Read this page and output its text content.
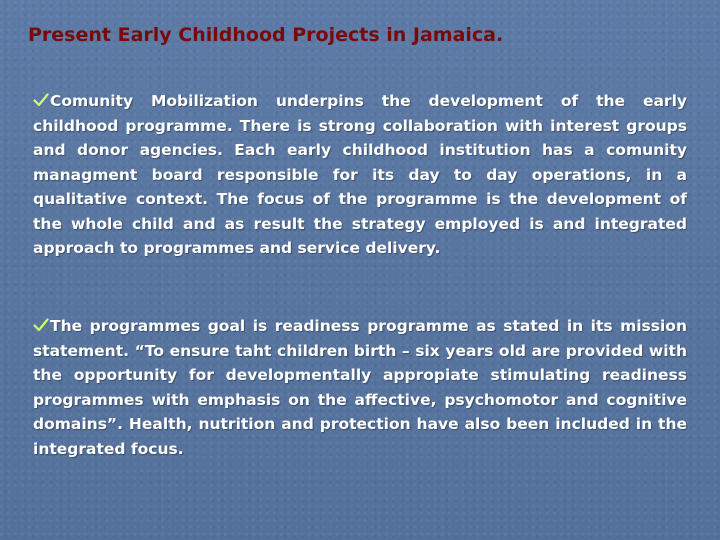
Present Early Childhood Projects in Jamaica.

Comunity Mobilization underpins the development of the early childhood programme. There is strong collaboration with interest groups and donor agencies. Each early childhood institution has a comunity managment board responsible for its day to day operations, in a qualitative context. The focus of the programme is the development of the whole child and as result the strategy employed is and integrated approach to programmes and service delivery.

The programmes goal is readiness programme as stated in its mission statement. “To ensure taht children birth – six years old are provided with the opportunity for developmentally appropiate stimulating readiness programmes with emphasis on the affective, psychomotor and cognitive domains”. Health, nutrition and protection have also been included in the integrated focus.
